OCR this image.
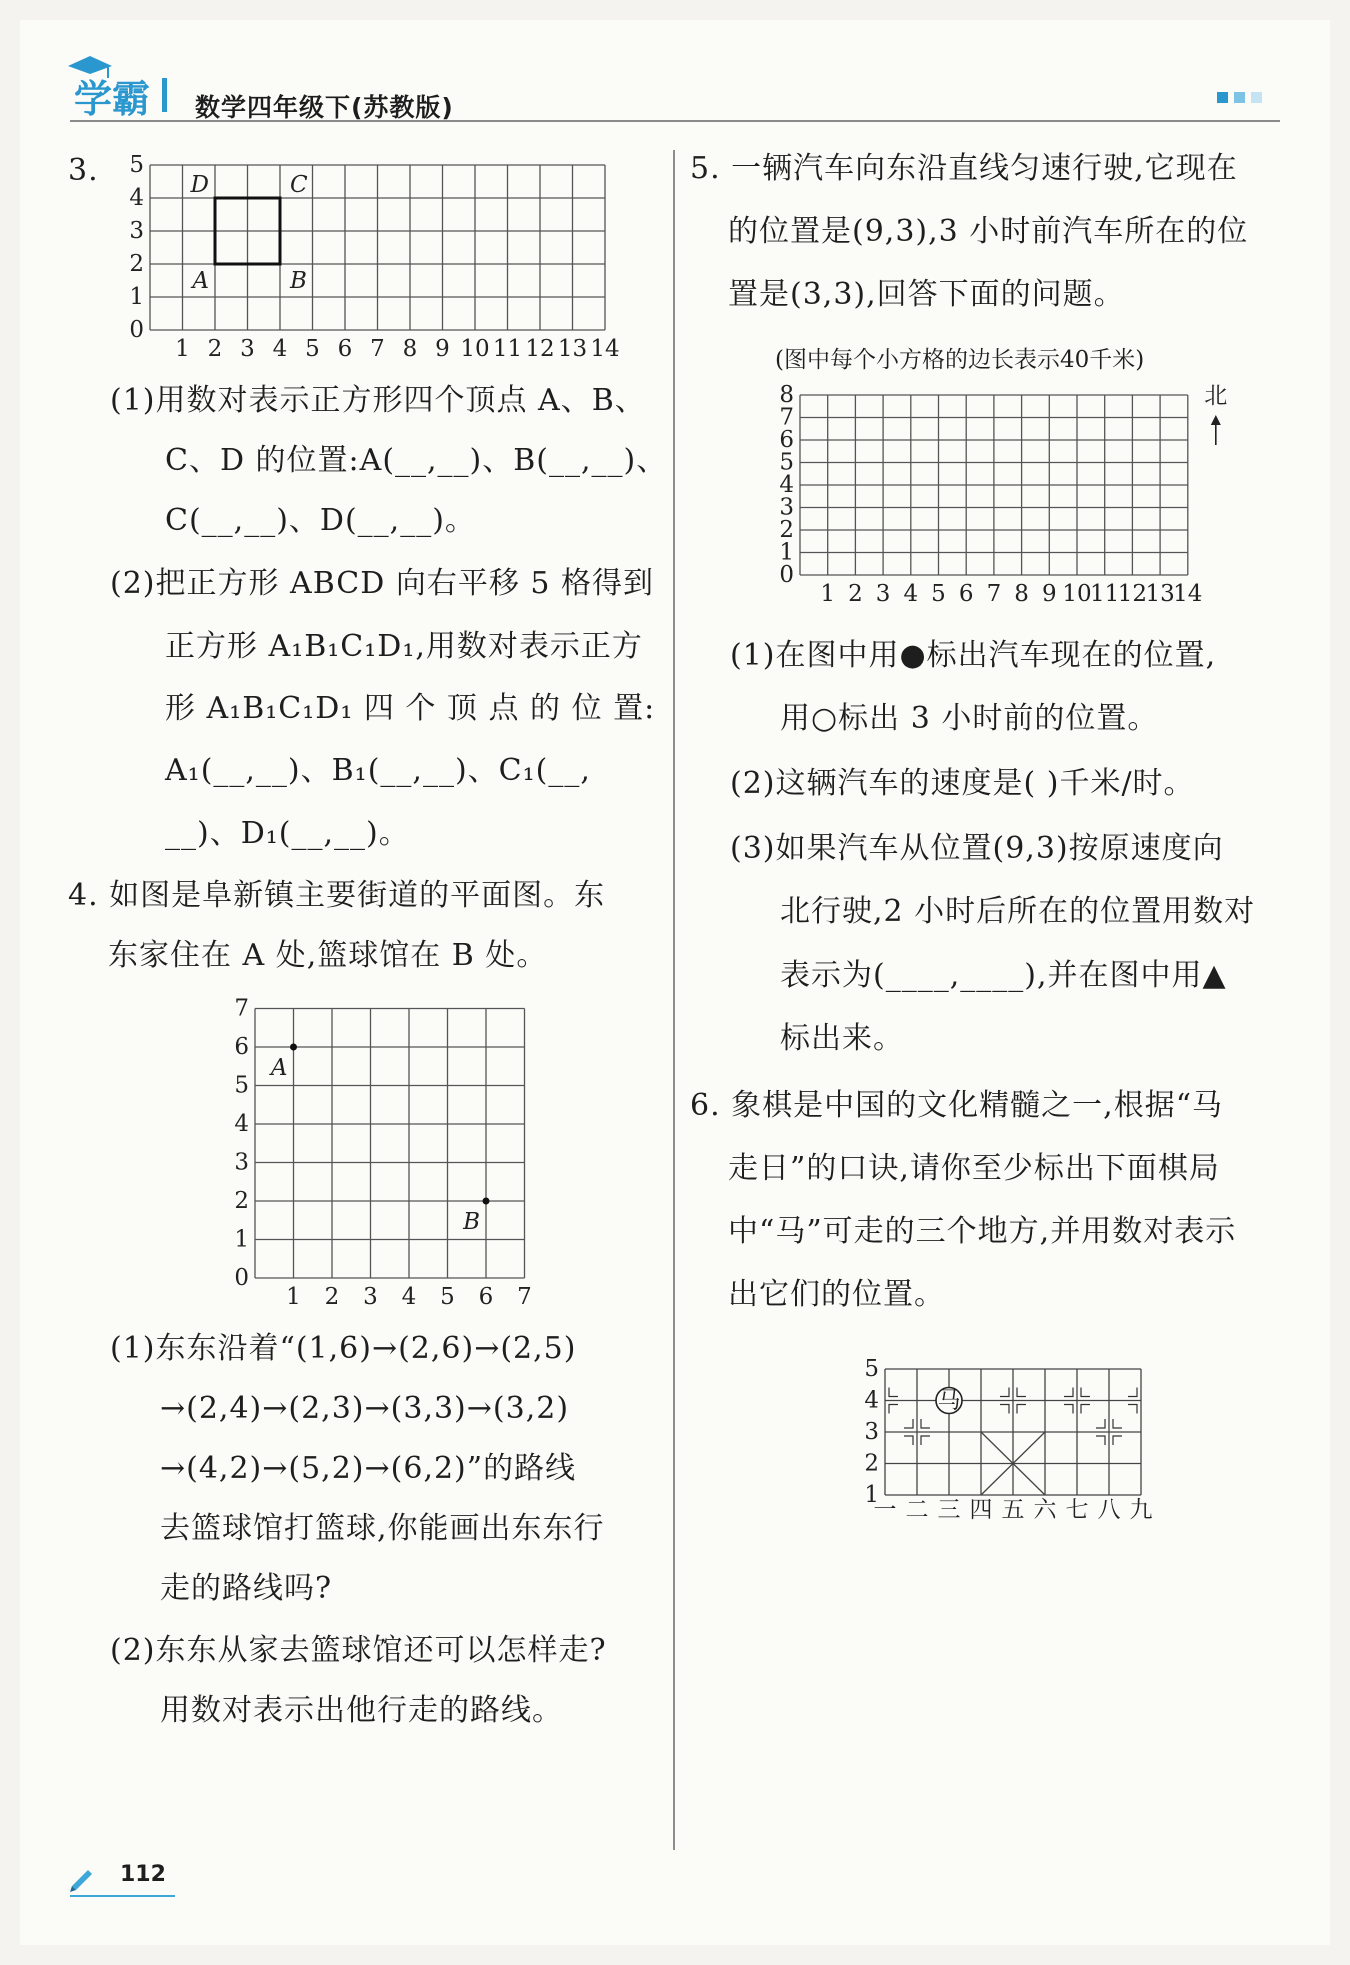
学霸 数学四年级下(苏教版)
3.
1 2 3 4 5 6 7 8 9 10 11 12 13 14
0
1
2
3
4
5
A	B
C
D
(1)用数对表示正方形四个顶点 A、B、
C、D 的位置:A(__,__)、B(__,__)、
C(__,__)、D(__,__)。
(2)把正方形 ABCD 向右平移 5 格得到
正方形 A₁B₁C₁D₁,用数对表示正方
形 A₁B₁C₁D₁ 四 个 顶 点 的 位 置:
A₁(__,__)、B₁(__,__)、C₁(__,
__)、D₁(__,__)。
4. 如图是阜新镇主要街道的平面图。东
东家住在 A 处,篮球馆在 B 处。
1 2 3 4 5 6 7
0
1
2
3
4
5
6
7
A
B
(1)东东沿着“(1,6)→(2,6)→(2,5)
→(2,4)→(2,3)→(3,3)→(3,2)
→(4,2)→(5,2)→(6,2)”的路线
去篮球馆打篮球,你能画出东东行
走的路线吗?
(2)东东从家去篮球馆还可以怎样走?
用数对表示出他行走的路线。
5. 一辆汽车向东沿直线匀速行驶,它现在
的位置是(9,3),3 小时前汽车所在的位
置是(3,3),回答下面的问题。
(图中每个小方格的边长表示40千米)
1 2 3 4 5 6 7 8 9 10
11
12
13
14
0
1
2
3
4
5
6
7
8	北
(1)在图中用●标出汽车现在的位置,
用○标出 3 小时前的位置。
(2)这辆汽车的速度是( )千米/时。
(3)如果汽车从位置(9,3)按原速度向
北行驶,2 小时后所在的位置用数对
表示为(____,____),并在图中用▲
标出来。
6. 象棋是中国的文化精髓之一,根据“马
走日”的口诀,请你至少标出下面棋局
中“马”可走的三个地方,并用数对表示
出它们的位置。
一 二 三 四 五 六 七 八 九
1
2
3
4
5
马
112
